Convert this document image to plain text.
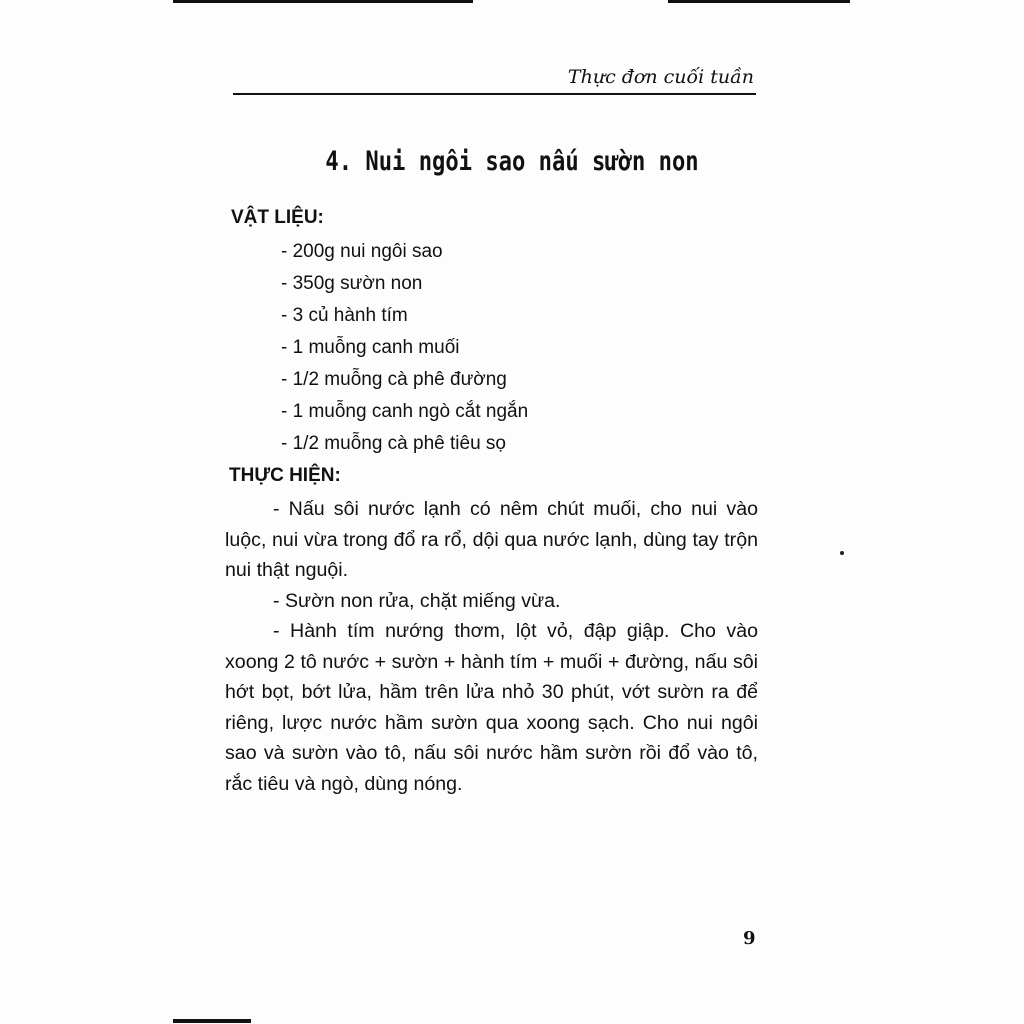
Thực đơn cuối tuần
4. Nui ngôi sao nấu sườn non
VẬT LIỆU:
- 200g nui ngôi sao
- 350g sườn non
- 3 củ hành tím
- 1 muỗng canh muối
- 1/2 muỗng cà phê đường
- 1 muỗng canh ngò cắt ngắn
- 1/2 muỗng cà phê tiêu sọ
THỰC HIỆN:

- Nấu sôi nước lạnh có nêm chút muối, cho nui vào luộc, nui vừa trong đổ ra rổ, dội qua nước lạnh, dùng tay trộn nui thật nguội.

- Sườn non rửa, chặt miếng vừa.

- Hành tím nướng thơm, lột vỏ, đập giập. Cho vào xoong 2 tô nước + sườn + hành tím + muối + đường, nấu sôi hớt bọt, bớt lửa, hầm trên lửa nhỏ 30 phút, vớt sườn ra để riêng, lược nước hầm sườn qua xoong sạch. Cho nui ngôi sao và sườn vào tô, nấu sôi nước hầm sườn rồi đổ vào tô, rắc tiêu và ngò, dùng nóng.

9
